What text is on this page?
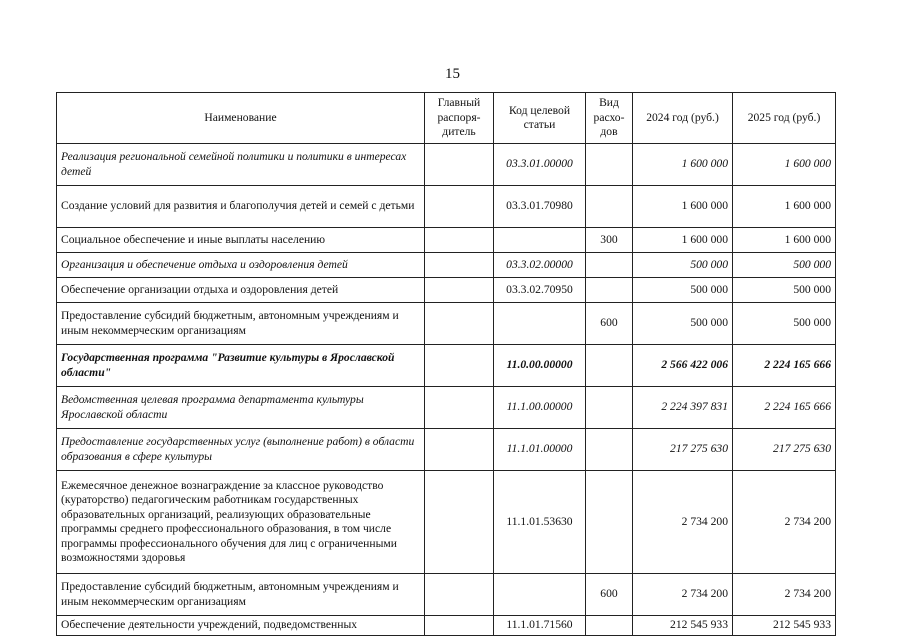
15
Наименование	Главный распоря-дитель	Код целевой статьи	Вид расхо-дов	2024 год (руб.)	2025 год (руб.)
Реализация региональной семейной политики и политики в интересах детей		03.3.01.00000		1 600 000	1 600 000
Создание условий для развития и благополучия детей и семей с детьми		03.3.01.70980		1 600 000	1 600 000
Социальное обеспечение и иные выплаты населению			300	1 600 000	1 600 000
Организация и обеспечение отдыха и оздоровления детей		03.3.02.00000		500 000	500 000
Обеспечение организации отдыха и оздоровления детей		03.3.02.70950		500 000	500 000
Предоставление субсидий бюджетным, автономным учреждениям и иным некоммерческим организациям			600	500 000	500 000
Государственная программа "Развитие культуры в Ярославской области"		11.0.00.00000		2 566 422 006	2 224 165 666
Ведомственная целевая программа департамента культуры Ярославской области		11.1.00.00000		2 224 397 831	2 224 165 666
Предоставление государственных услуг (выполнение работ) в области образования в сфере культуры		11.1.01.00000		217 275 630	217 275 630
Ежемесячное денежное вознаграждение за классное руководство (кураторство) педагогическим работникам государственных образовательных организаций, реализующих образовательные программы среднего профессионального образования, в том числе программы профессионального обучения для лиц с ограниченными возможностями здоровья		11.1.01.53630		2 734 200	2 734 200
Предоставление субсидий бюджетным, автономным учреждениям и иным некоммерческим организациям			600	2 734 200	2 734 200
Обеспечение деятельности учреждений, подведомственных		11.1.01.71560		212 545 933	212 545 933
